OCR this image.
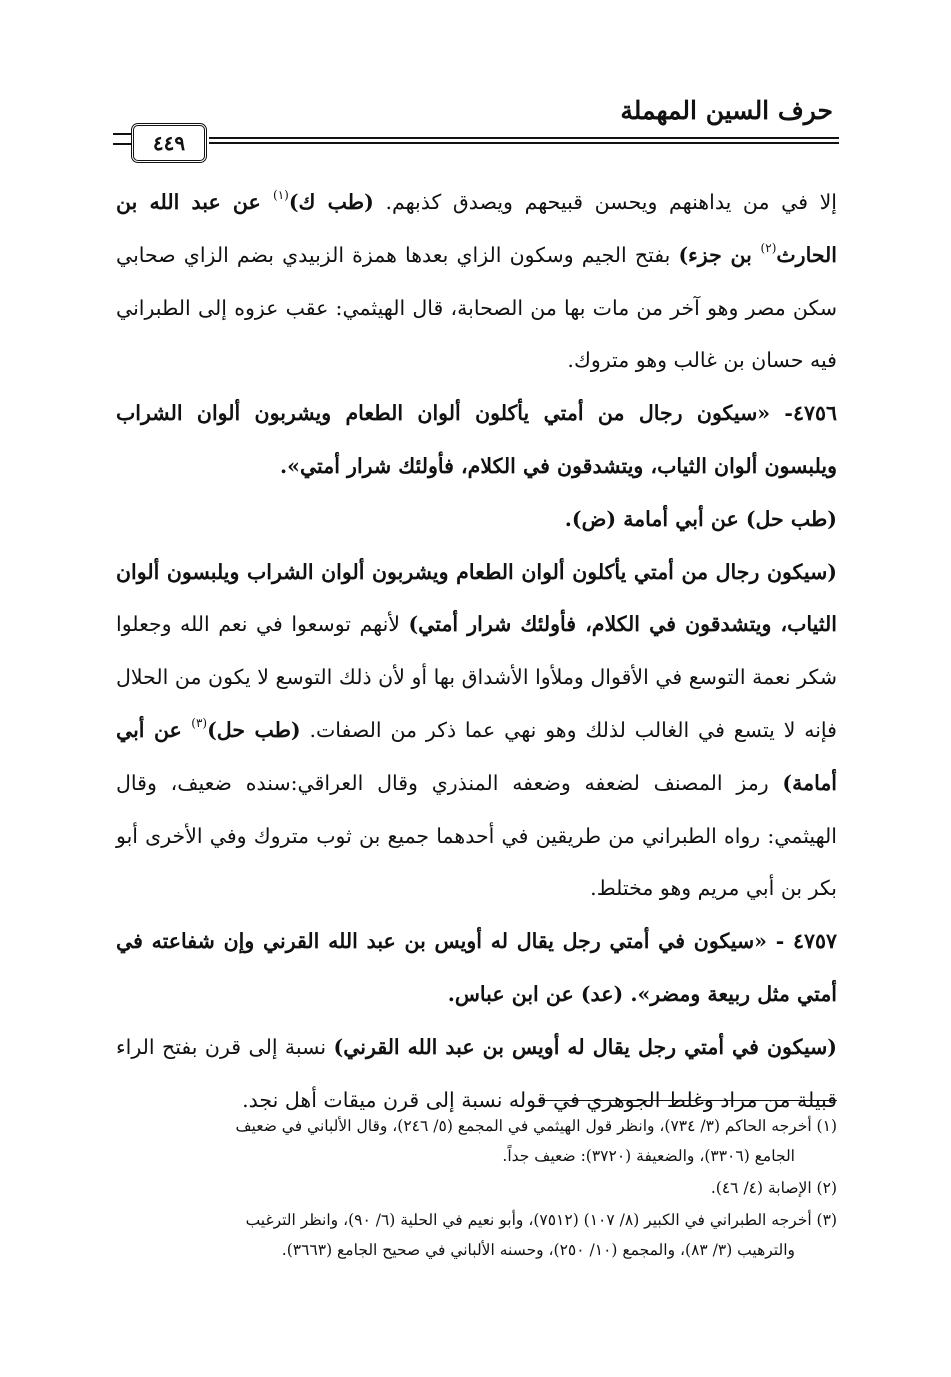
حرف السين المهملة
٤٤٩

إلا في من يداهنهم ويحسن قبيحهم ويصدق كذبهم. (طب ك)$^{(١)}$ عن عبد الله بن الحارث$^{(٢)}$ بن جزء) بفتح الجيم وسكون الزاي بعدها همزة الزبيدي بضم الزاي صحابي سكن مصر وهو آخر من مات بها من الصحابة، قال الهيثمي: عقب عزوه إلى الطبراني فيه حسان بن غالب وهو متروك.

٤٧٥٦- «سيكون رجال من أمتي يأكلون ألوان الطعام ويشربون ألوان الشراب ويلبسون ألوان الثياب، ويتشدقون في الكلام، فأولئك شرار أمتي».

(طب حل) عن أبي أمامة (ض).

(سيكون رجال من أمتي يأكلون ألوان الطعام ويشربون ألوان الشراب ويلبسون ألوان الثياب، ويتشدقون في الكلام، فأولئك شرار أمتي) لأنهم توسعوا في نعم الله وجعلوا شكر نعمة التوسع في الأقوال وملأوا الأشداق بها أو لأن ذلك التوسع لا يكون من الحلال فإنه لا يتسع في الغالب لذلك وهو نهي عما ذكر من الصفات. (طب حل)$^{(٣)}$ عن أبي أمامة) رمز المصنف لضعفه وضعفه المنذري وقال العراقي:سنده ضعيف، وقال الهيثمي: رواه الطبراني من طريقين في أحدهما جميع بن ثوب متروك وفي الأخرى أبو بكر بن أبي مريم وهو مختلط.

٤٧٥٧ - «سيكون في أمتي رجل يقال له أويس بن عبد الله القرني وإن شفاعته في أمتي مثل ربيعة ومضر». (عد) عن ابن عباس.

(سيكون في أمتي رجل يقال له أويس بن عبد الله القرني) نسبة إلى قرن بفتح الراء قبيلة من مراد وغلط الجوهري في قوله نسبة إلى قرن ميقات أهل نجد.

(١) أخرجه الحاكم (٣/ ٧٣٤)، وانظر قول الهيثمي في المجمع (٥/ ٢٤٦)، وقال الألباني في ضعيف
الجامع (٣٣٠٦)، والضعيفة (٣٧٢٠): ضعيف جداً.

(٢) الإصابة (٤/ ٤٦).

(٣) أخرجه الطبراني في الكبير (٨/ ١٠٧) (٧٥١٢)، وأبو نعيم في الحلية (٦/ ٩٠)، وانظر الترغيب
والترهيب (٣/ ٨٣)، والمجمع (١٠/ ٢٥٠)، وحسنه الألباني في صحيح الجامع (٣٦٦٣).
